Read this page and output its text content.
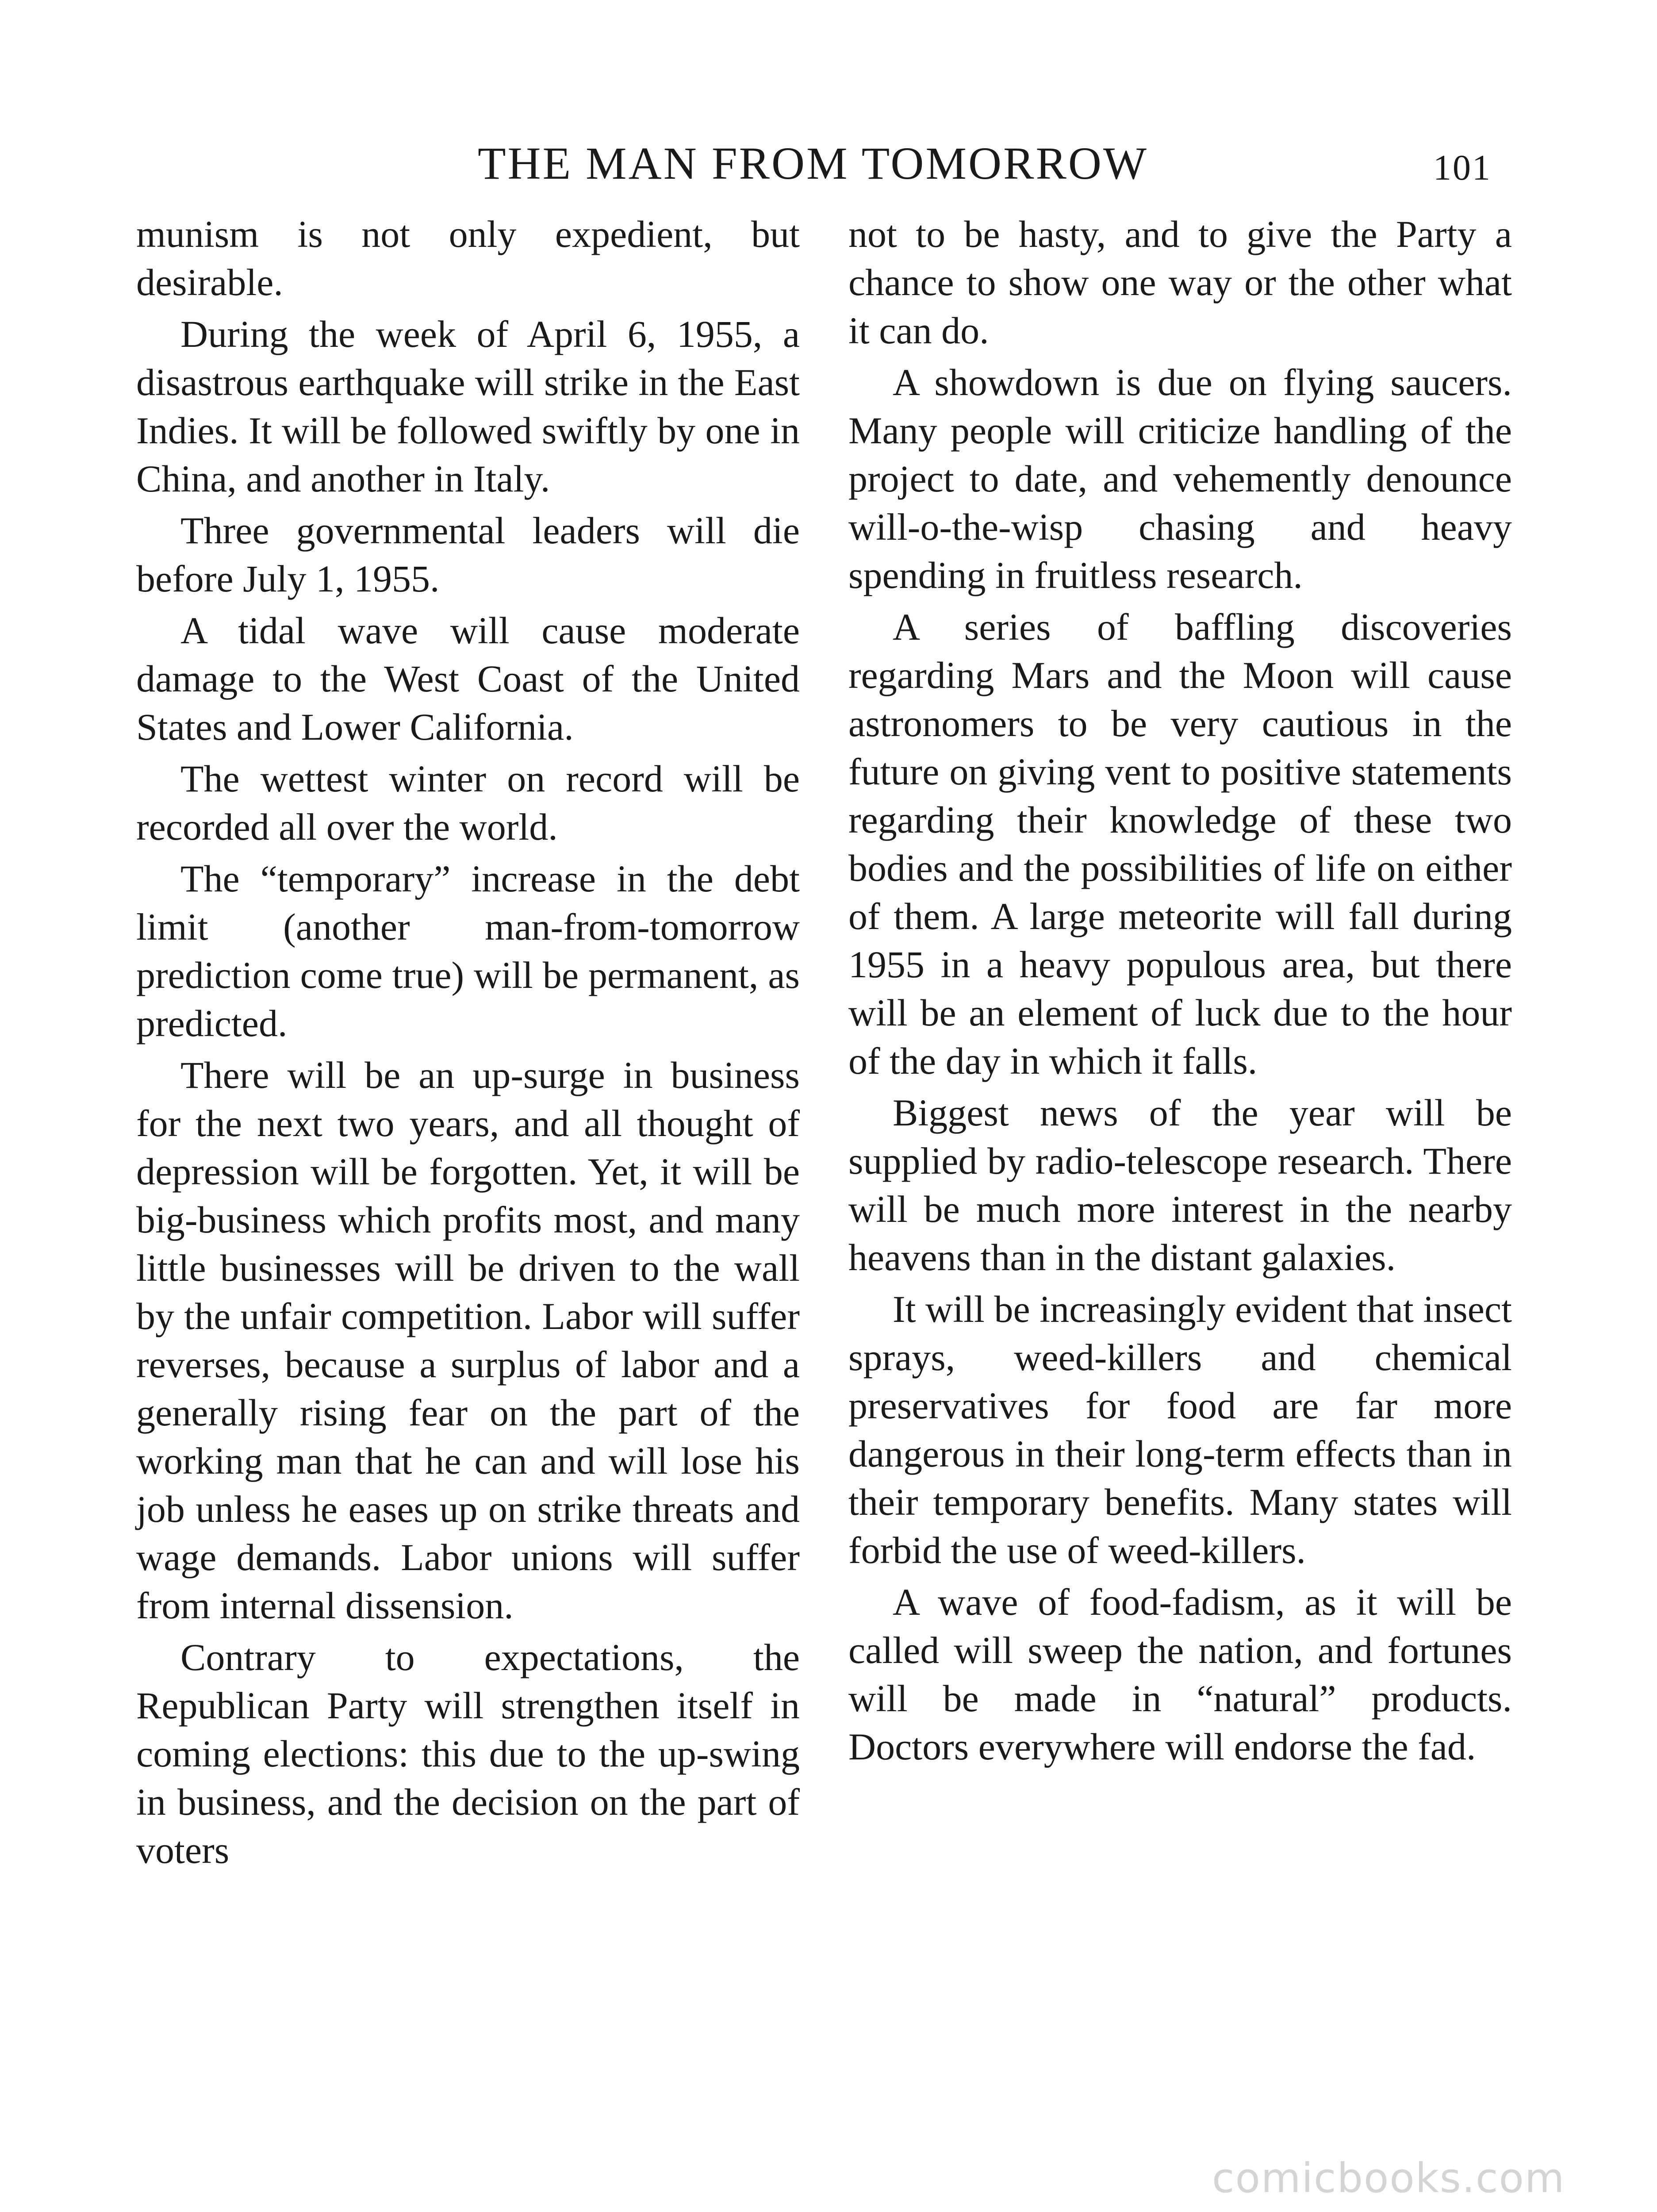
THE MAN FROM TOMORROW	101

munism is not only expedient, but desirable.

During the week of April 6, 1955, a disastrous earthquake will strike in the East Indies. It will be followed swiftly by one in China, and another in Italy.

Three governmental leaders will die before July 1, 1955.

A tidal wave will cause moderate damage to the West Coast of the United States and Lower California.

The wettest winter on record will be recorded all over the world.

The “temporary” increase in the debt limit (another man-from-tomorrow prediction come true) will be permanent, as predicted.

There will be an up-surge in business for the next two years, and all thought of depression will be forgotten. Yet, it will be big-business which profits most, and many little businesses will be driven to the wall by the unfair competition. Labor will suffer reverses, because a surplus of labor and a generally rising fear on the part of the working man that he can and will lose his job unless he eases up on strike threats and wage demands. Labor unions will suffer from internal dissension.

Contrary to expectations, the Republican Party will strengthen itself in coming elections: this due to the up-swing in business, and the decision on the part of voters

not to be hasty, and to give the Party a chance to show one way or the other what it can do.

A showdown is due on flying saucers. Many people will criticize handling of the project to date, and vehemently denounce will-o-the-wisp chasing and heavy spending in fruitless research.

A series of baffling discoveries regarding Mars and the Moon will cause astronomers to be very cautious in the future on giving vent to positive statements regarding their knowledge of these two bodies and the possibilities of life on either of them. A large meteorite will fall during 1955 in a heavy populous area, but there will be an element of luck due to the hour of the day in which it falls.

Biggest news of the year will be supplied by radio-telescope research. There will be much more interest in the nearby heavens than in the distant galaxies.

It will be increasingly evident that insect sprays, weed-killers and chemical preservatives for food are far more dangerous in their long-term effects than in their temporary benefits. Many states will forbid the use of weed-killers.

A wave of food-fadism, as it will be called will sweep the nation, and fortunes will be made in “natural” products. Doctors everywhere will endorse the fad.

comicbooks.com
